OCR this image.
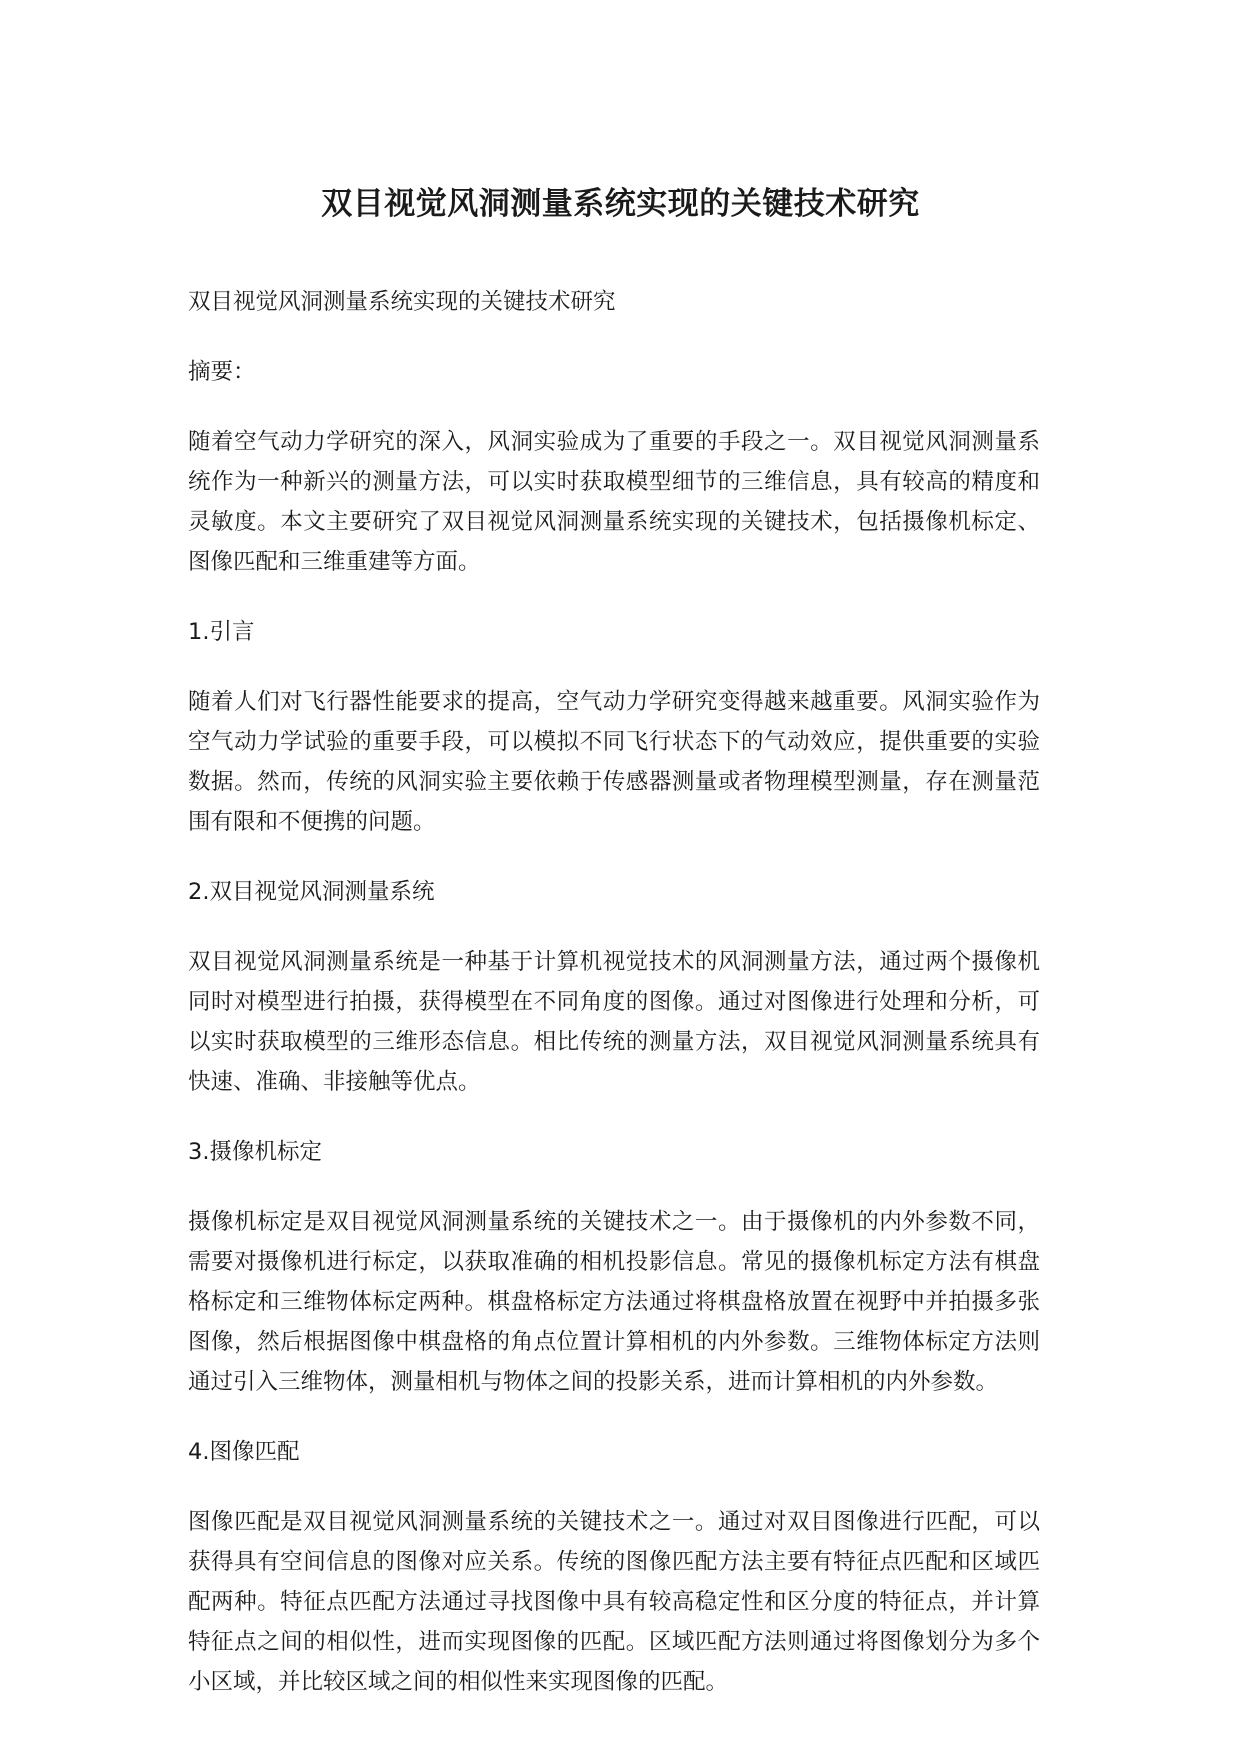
双目视觉风洞测量系统实现的关键技术研究

双目视觉风洞测量系统实现的关键技术研究

摘要：

随着空气动力学研究的深入，风洞实验成为了重要的手段之一。双目视觉风洞测量系统作为一种新兴的测量方法，可以实时获取模型细节的三维信息，具有较高的精度和灵敏度。本文主要研究了双目视觉风洞测量系统实现的关键技术，包括摄像机标定、图像匹配和三维重建等方面。

1.引言

随着人们对飞行器性能要求的提高，空气动力学研究变得越来越重要。风洞实验作为空气动力学试验的重要手段，可以模拟不同飞行状态下的气动效应，提供重要的实验数据。然而，传统的风洞实验主要依赖于传感器测量或者物理模型测量，存在测量范围有限和不便携的问题。

2.双目视觉风洞测量系统

双目视觉风洞测量系统是一种基于计算机视觉技术的风洞测量方法，通过两个摄像机同时对模型进行拍摄，获得模型在不同角度的图像。通过对图像进行处理和分析，可以实时获取模型的三维形态信息。相比传统的测量方法，双目视觉风洞测量系统具有快速、准确、非接触等优点。

3.摄像机标定

摄像机标定是双目视觉风洞测量系统的关键技术之一。由于摄像机的内外参数不同，需要对摄像机进行标定，以获取准确的相机投影信息。常见的摄像机标定方法有棋盘格标定和三维物体标定两种。棋盘格标定方法通过将棋盘格放置在视野中并拍摄多张图像，然后根据图像中棋盘格的角点位置计算相机的内外参数。三维物体标定方法则通过引入三维物体，测量相机与物体之间的投影关系，进而计算相机的内外参数。

4.图像匹配

图像匹配是双目视觉风洞测量系统的关键技术之一。通过对双目图像进行匹配，可以获得具有空间信息的图像对应关系。传统的图像匹配方法主要有特征点匹配和区域匹配两种。特征点匹配方法通过寻找图像中具有较高稳定性和区分度的特征点，并计算特征点之间的相似性，进而实现图像的匹配。区域匹配方法则通过将图像划分为多个小区域，并比较区域之间的相似性来实现图像的匹配。
